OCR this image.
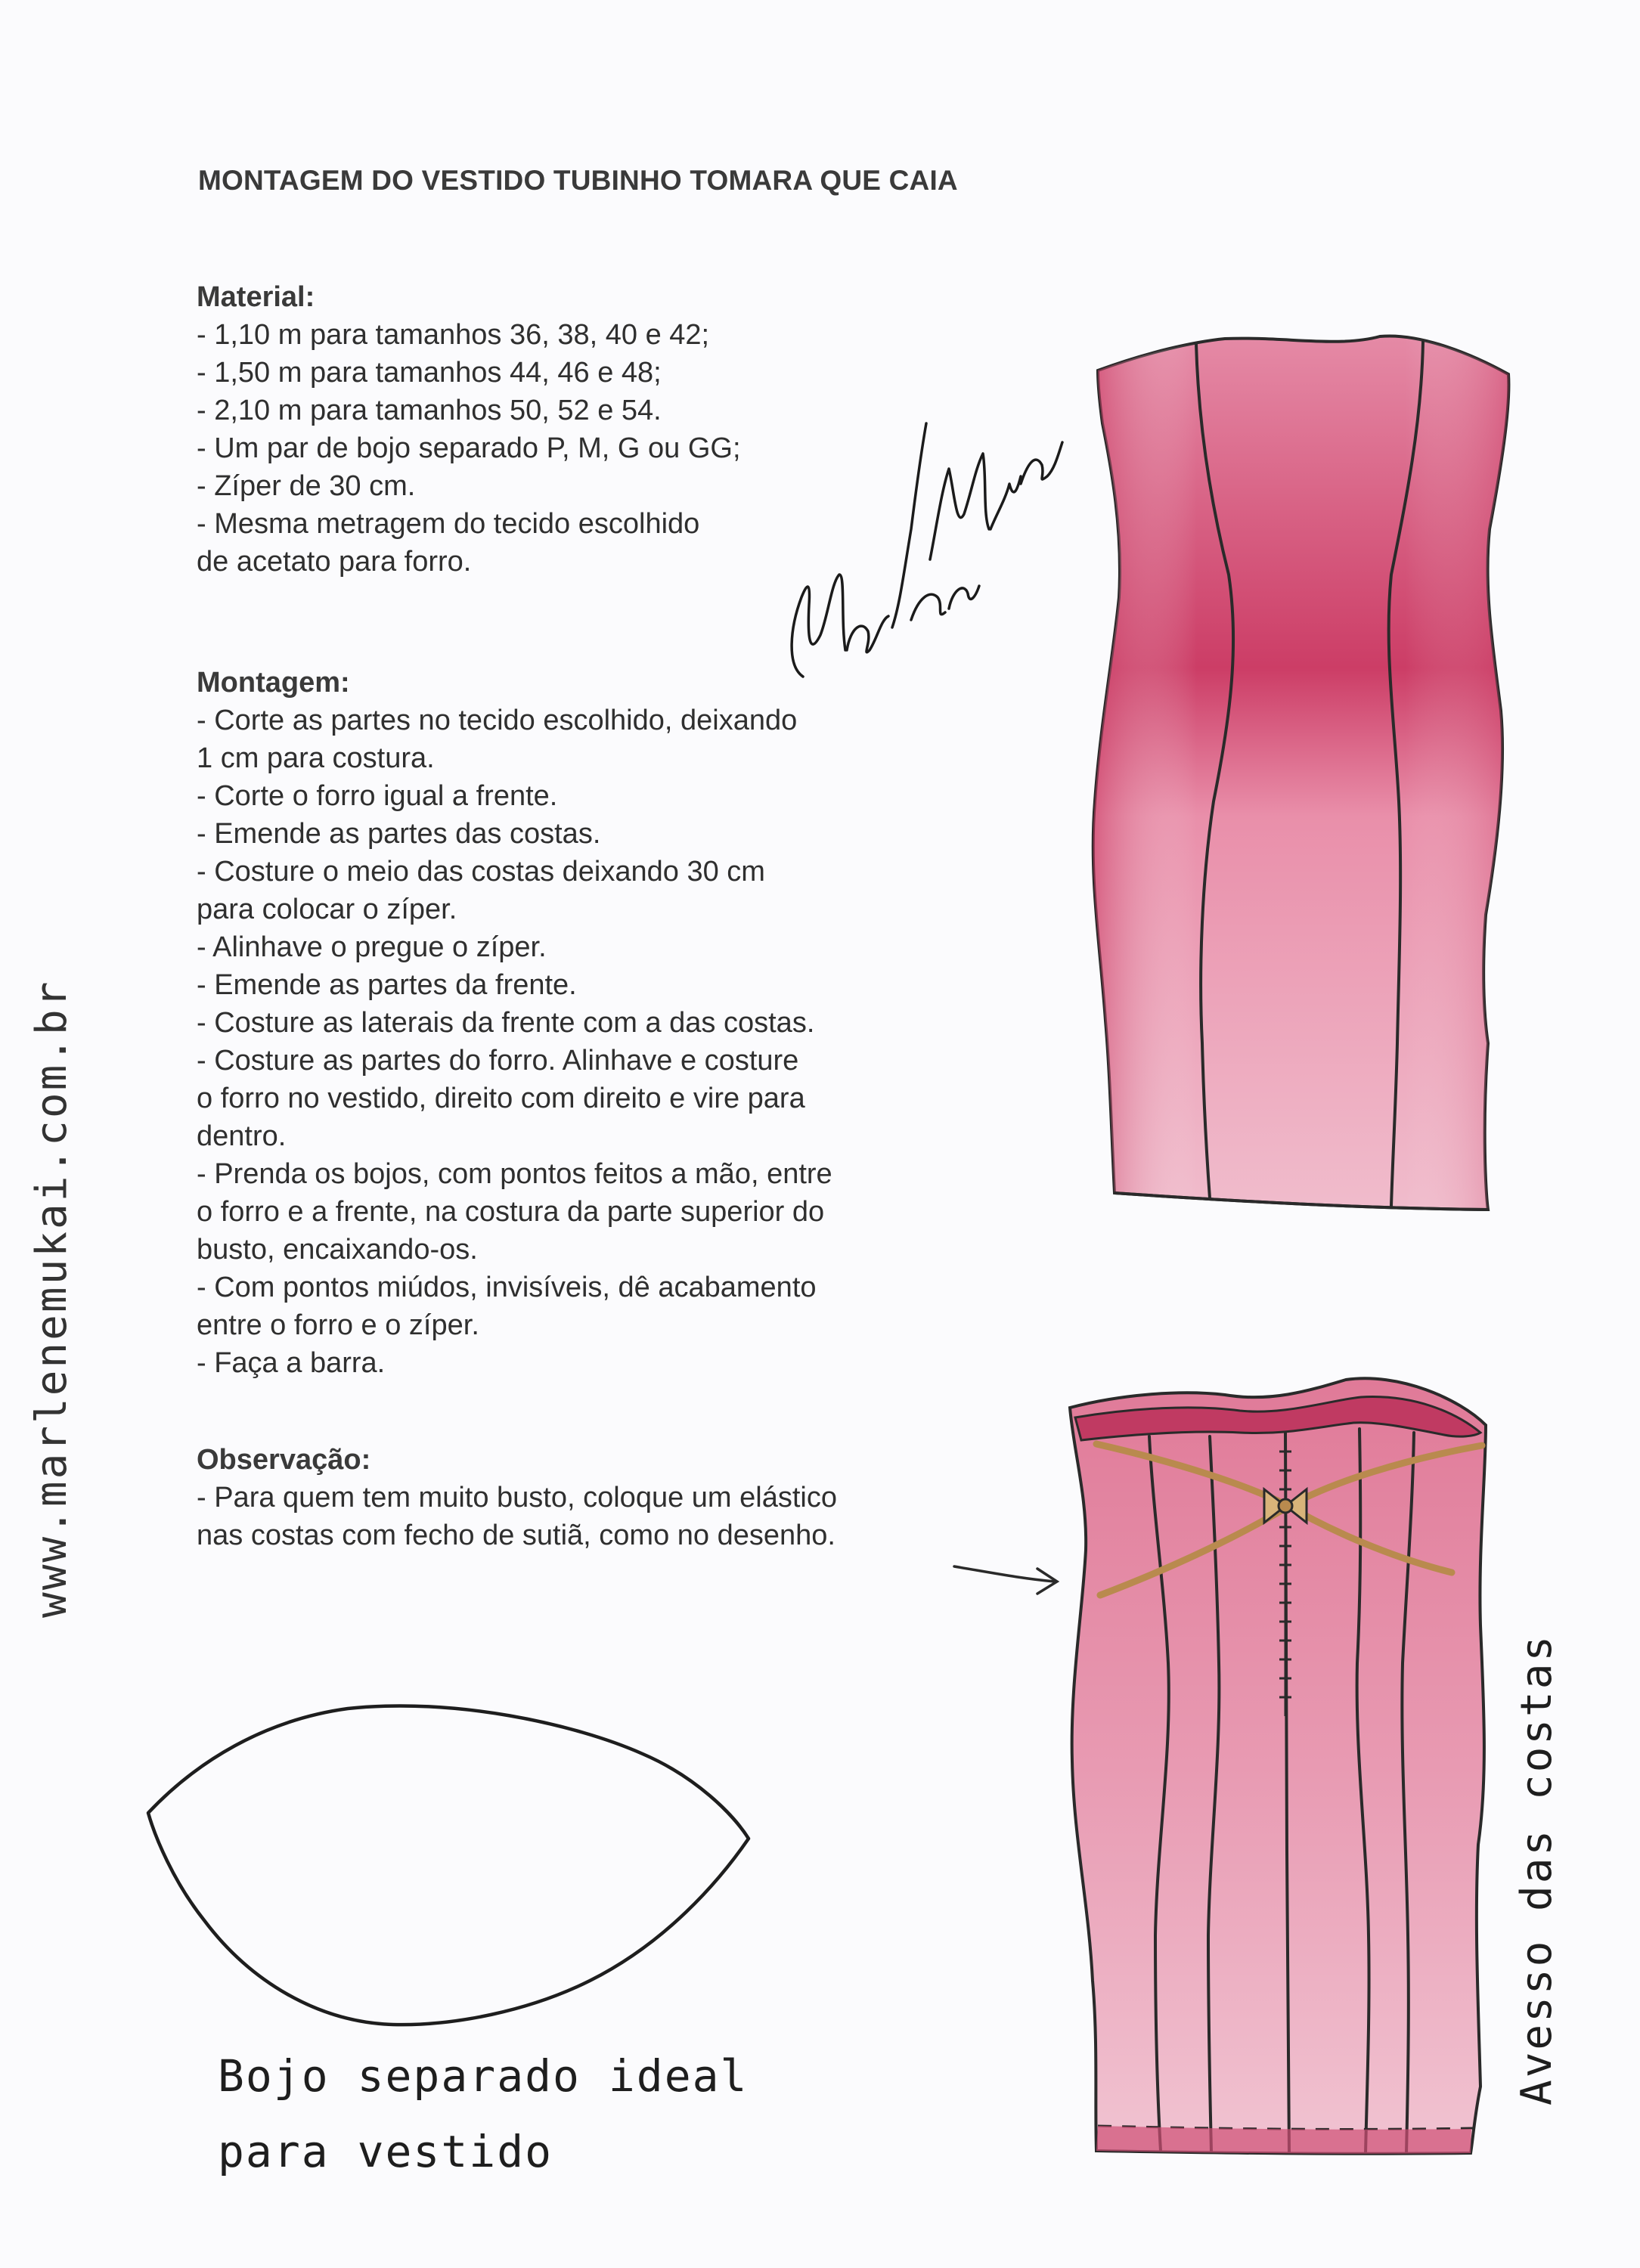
MONTAGEM DO VESTIDO TUBINHO TOMARA QUE CAIA
Material:
- 1,10 m para tamanhos 36, 38, 40 e 42;
- 1,50 m para tamanhos 44, 46 e 48;
- 2,10 m para tamanhos 50, 52 e 54.
- Um par de bojo separado P, M, G ou GG;
- Zíper de 30 cm.
- Mesma metragem do tecido escolhido
de acetato para forro.
Montagem:
- Corte as partes no tecido escolhido, deixando
1 cm para costura.
- Corte o forro igual a frente.
- Emende as partes das costas.
- Costure o meio das costas deixando 30 cm
para colocar o zíper.
- Alinhave o pregue o zíper.
- Emende as partes da frente.
- Costure as laterais da frente com a das costas.
- Costure as partes do forro. Alinhave e costure
o forro no vestido, direito com direito e vire para
dentro.
- Prenda os bojos, com pontos feitos a mão, entre
o forro e a frente, na costura da parte superior do
busto, encaixando-os.
- Com pontos miúdos, invisíveis, dê acabamento
entre o forro e o zíper.
- Faça a barra.
Observação:
- Para quem tem muito busto, coloque um elástico
nas costas com fecho de sutiã, como no desenho.
www.marlenemukai.com.br
Bojo separado ideal
para vestido
Avesso das costas
